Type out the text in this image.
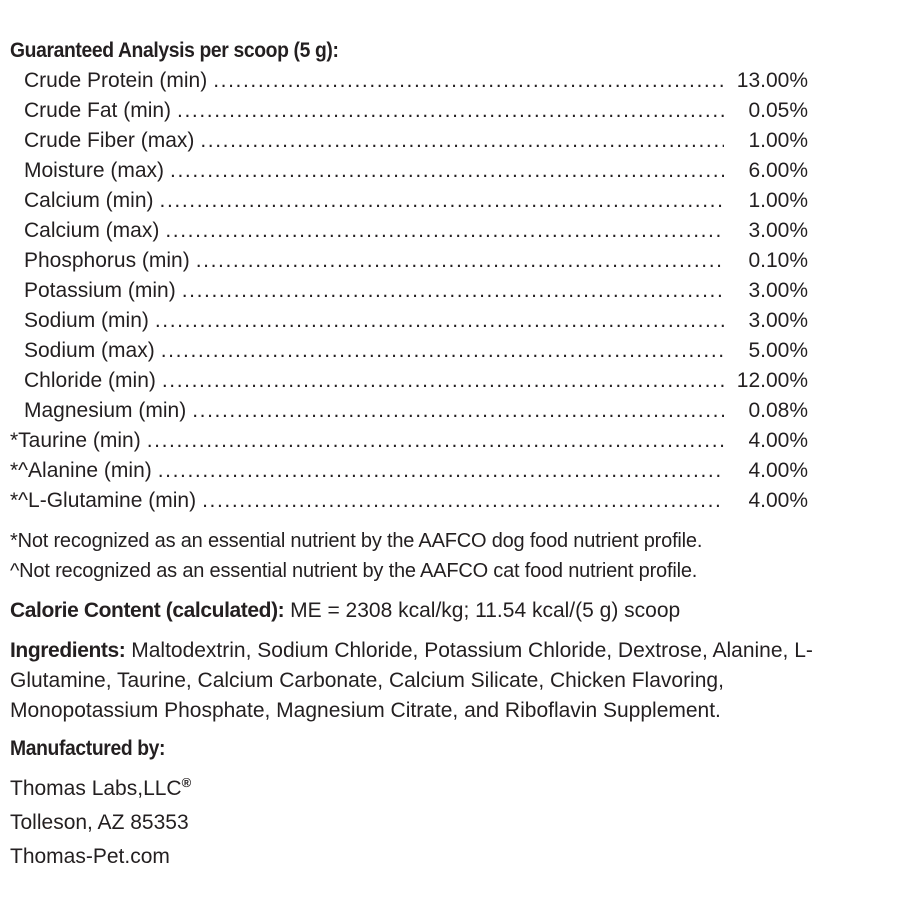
Guaranteed Analysis per scoop (5 g):
Crude Protein (min) .....	13.00%
Crude Fat (min) .....	0.05%
Crude Fiber (max) .....	1.00%
Moisture (max) .....	6.00%
Calcium (min) .....	1.00%
Calcium (max) .....	3.00%
Phosphorus (min) .....	0.10%
Potassium (min) .....	3.00%
Sodium (min) .....	3.00%
Sodium (max) .....	5.00%
Chloride (min) .....	12.00%
Magnesium (min) .....	0.08%
*Taurine (min) .....	4.00%
*^Alanine (min) .....	4.00%
*^L-Glutamine (min) .....	4.00%
*Not recognized as an essential nutrient by the AAFCO dog food nutrient profile.
^Not recognized as an essential nutrient by the AAFCO cat food nutrient profile.
Calorie Content (calculated): ME = 2308 kcal/kg; 11.54 kcal/(5 g) scoop
Ingredients: Maltodextrin, Sodium Chloride, Potassium Chloride, Dextrose, Alanine, L-Glutamine, Taurine, Calcium Carbonate, Calcium Silicate, Chicken Flavoring, Monopotassium Phosphate, Magnesium Citrate, and Riboflavin Supplement.
Manufactured by:
Thomas Labs,LLC®
Tolleson, AZ 85353
Thomas-Pet.com
